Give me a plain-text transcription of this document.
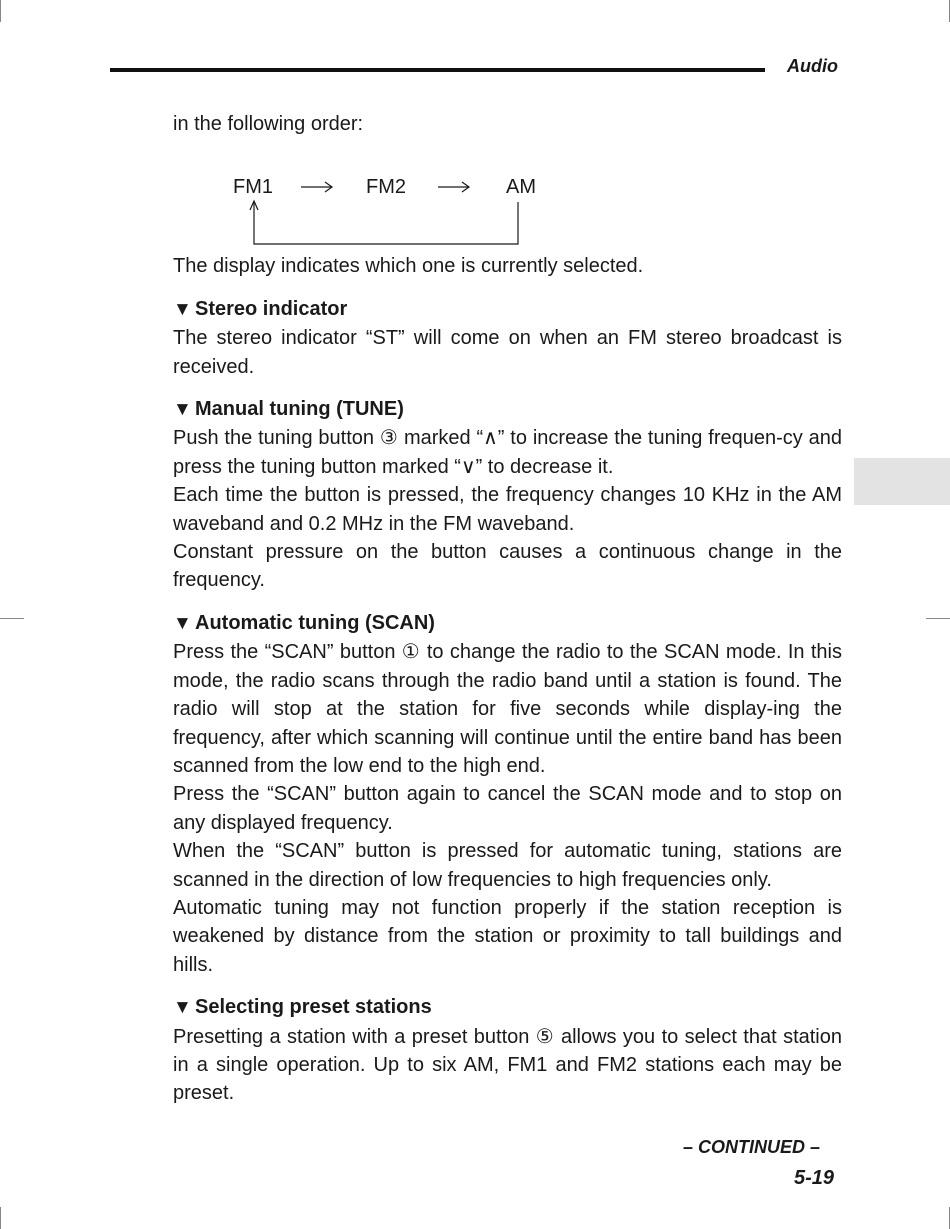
Audio

in the following order:

FM1	FM2	AM

The display indicates which one is currently selected.

▼ Stereo indicator

The stereo indicator “ST” will come on when an FM stereo broadcast is received.

▼ Manual tuning (TUNE)

Push the tuning button ③ marked “∧” to increase the tuning frequen-cy and press the tuning button marked “∨” to decrease it.

Each time the button is pressed, the frequency changes 10 KHz in the AM waveband and 0.2 MHz in the FM waveband.

Constant pressure on the button causes a continuous change in the frequency.

▼ Automatic tuning (SCAN)

Press the “SCAN” button ① to change the radio to the SCAN mode. In this mode, the radio scans through the radio band until a station is found. The radio will stop at the station for five seconds while display-ing the frequency, after which scanning will continue until the entire band has been scanned from the low end to the high end.

Press the “SCAN” button again to cancel the SCAN mode and to stop on any displayed frequency.

When the “SCAN” button is pressed for automatic tuning, stations are scanned in the direction of low frequencies to high frequencies only.

Automatic tuning may not function properly if the station reception is weakened by distance from the station or proximity to tall buildings and hills.

▼ Selecting preset stations

Presetting a station with a preset button ⑤ allows you to select that station in a single operation. Up to six AM, FM1 and FM2 stations each may be preset.

– CONTINUED –
5-19
